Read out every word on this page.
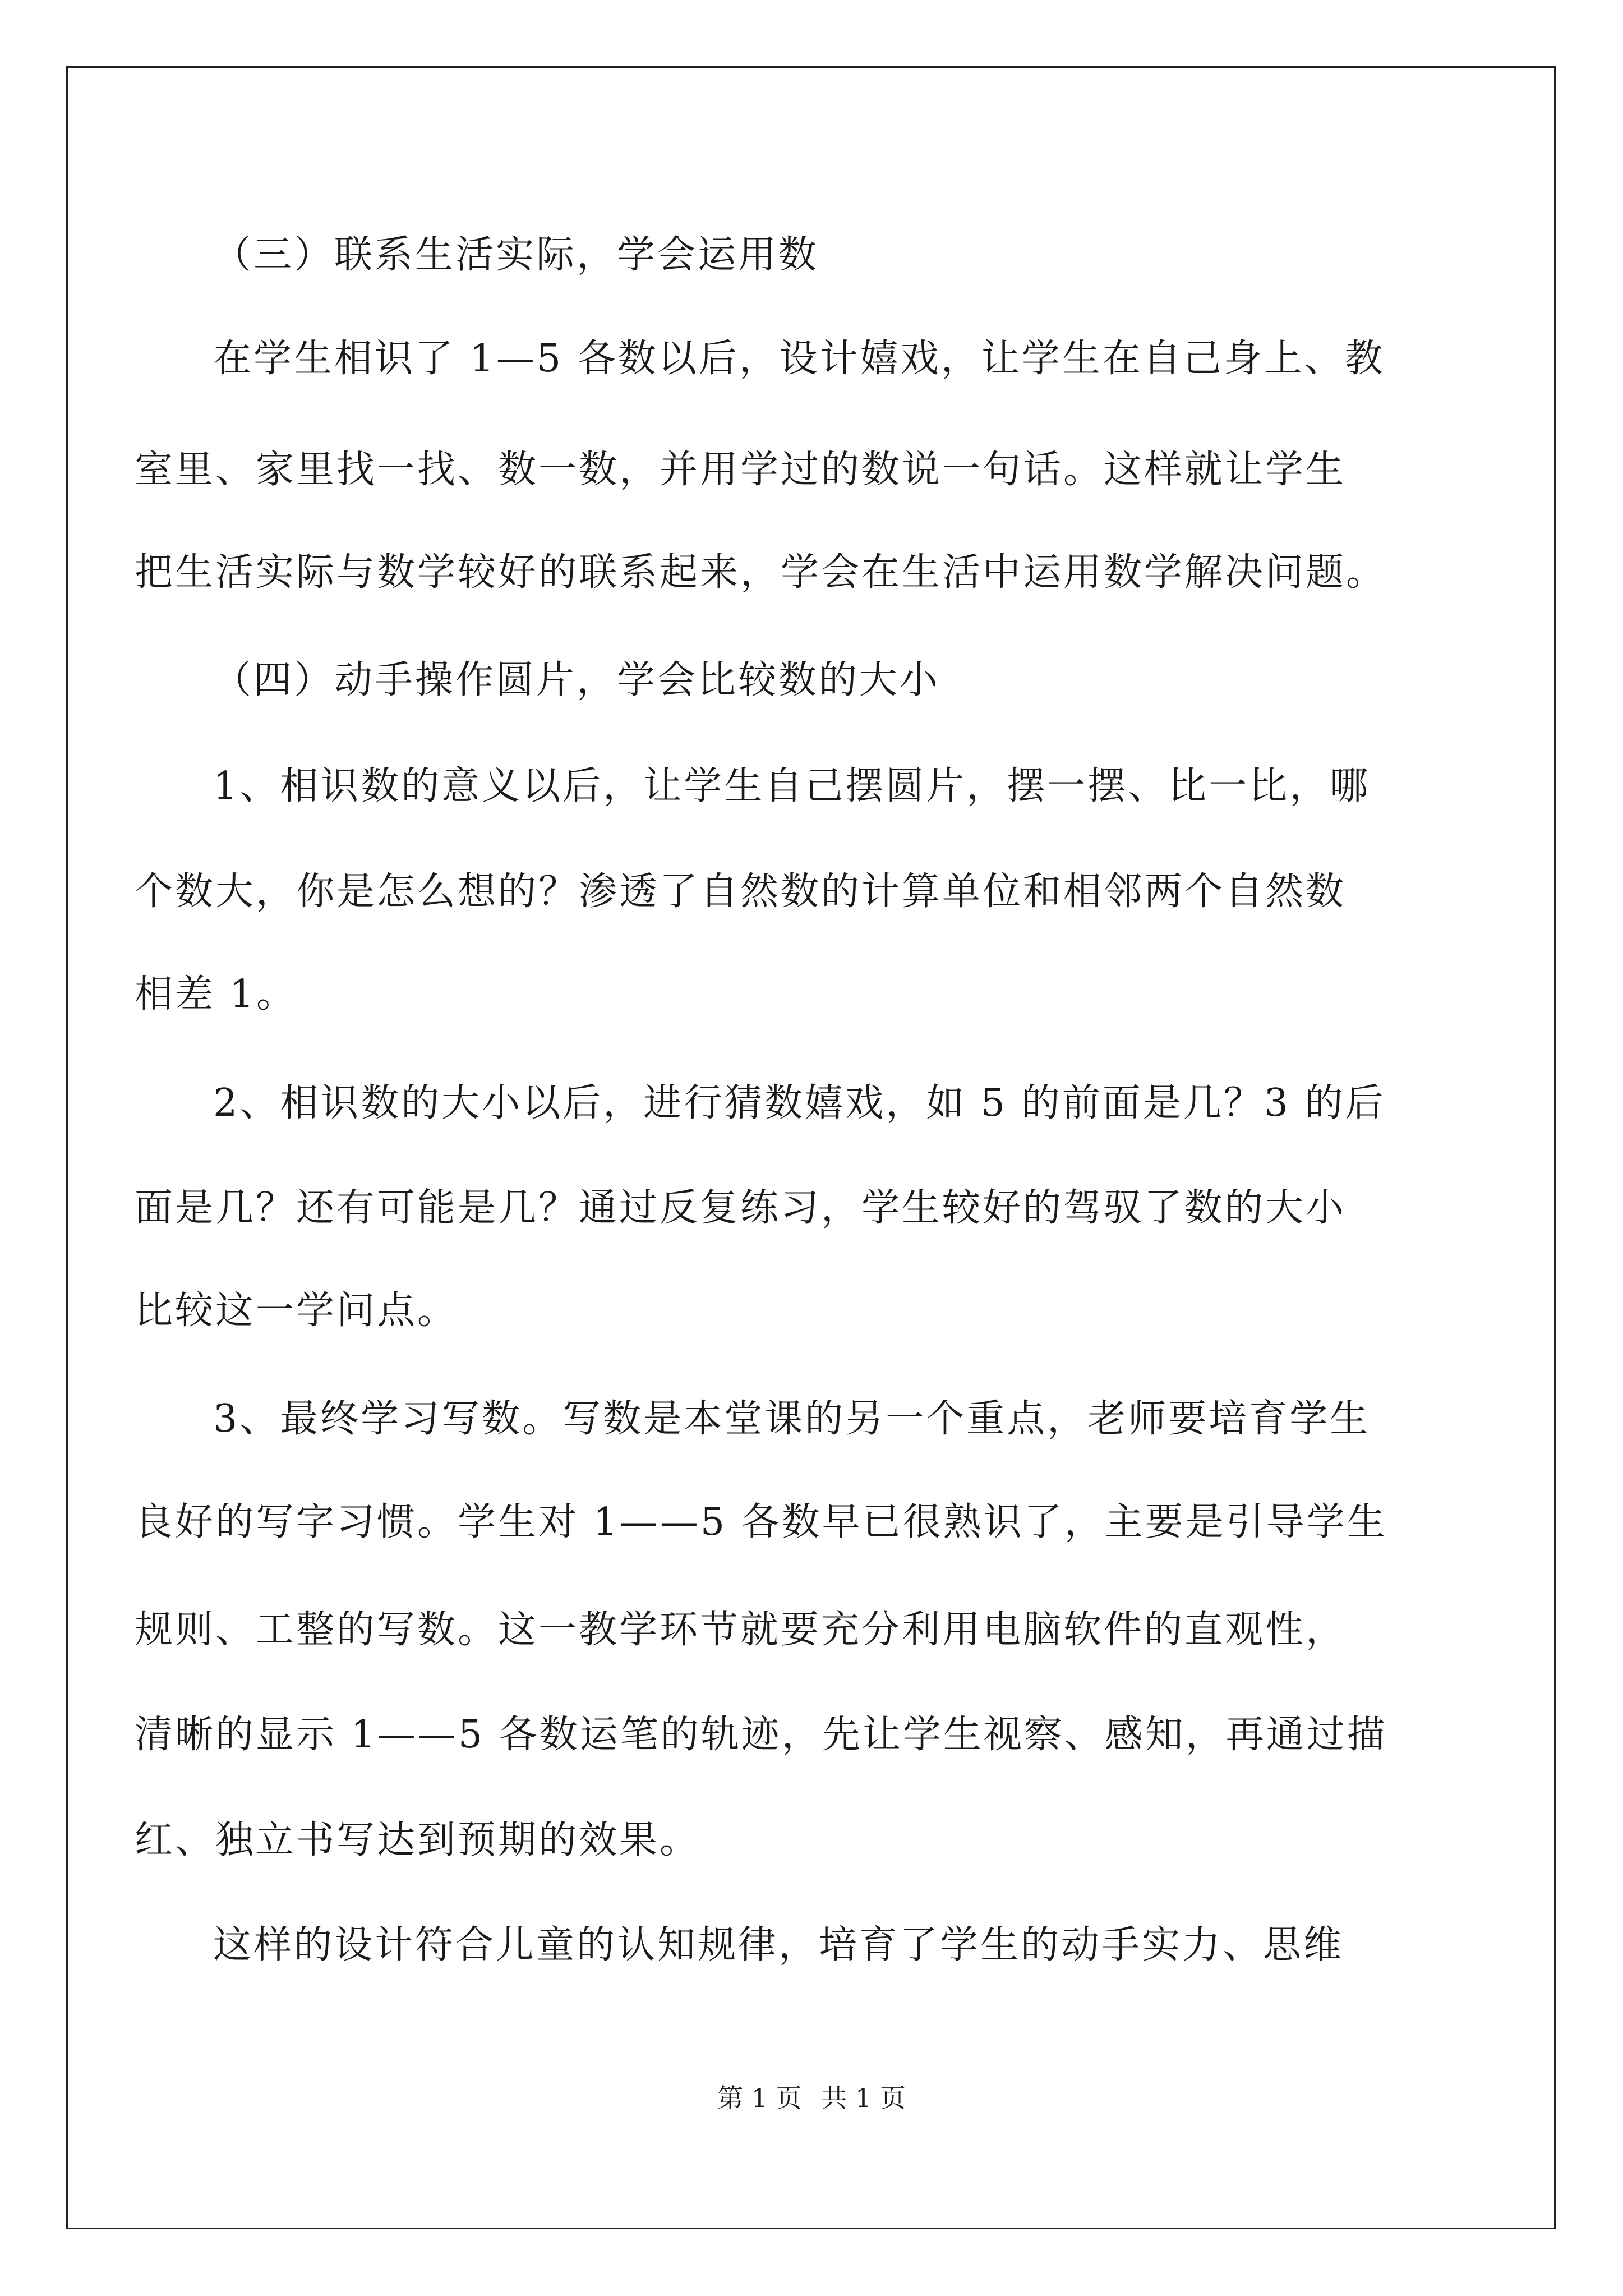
（三）联系生活实际，学会运用数
在学生相识了 1—5 各数以后，设计嬉戏，让学生在自己身上、教
室里、家里找一找、数一数，并用学过的数说一句话。这样就让学生
把生活实际与数学较好的联系起来，学会在生活中运用数学解决问题。
（四）动手操作圆片，学会比较数的大小
1、相识数的意义以后，让学生自己摆圆片，摆一摆、比一比，哪
个数大，你是怎么想的？渗透了自然数的计算单位和相邻两个自然数
相差 1。
2、相识数的大小以后，进行猜数嬉戏，如 5 的前面是几？3 的后
面是几？还有可能是几？通过反复练习，学生较好的驾驭了数的大小
比较这一学问点。
3、最终学习写数。写数是本堂课的另一个重点，老师要培育学生
良好的写字习惯。学生对 1——5 各数早已很熟识了，主要是引导学生
规则、工整的写数。这一教学环节就要充分利用电脑软件的直观性，
清晰的显示 1——5 各数运笔的轨迹，先让学生视察、感知，再通过描
红、独立书写达到预期的效果。
这样的设计符合儿童的认知规律，培育了学生的动手实力、思维
第 1 页 共 1 页
